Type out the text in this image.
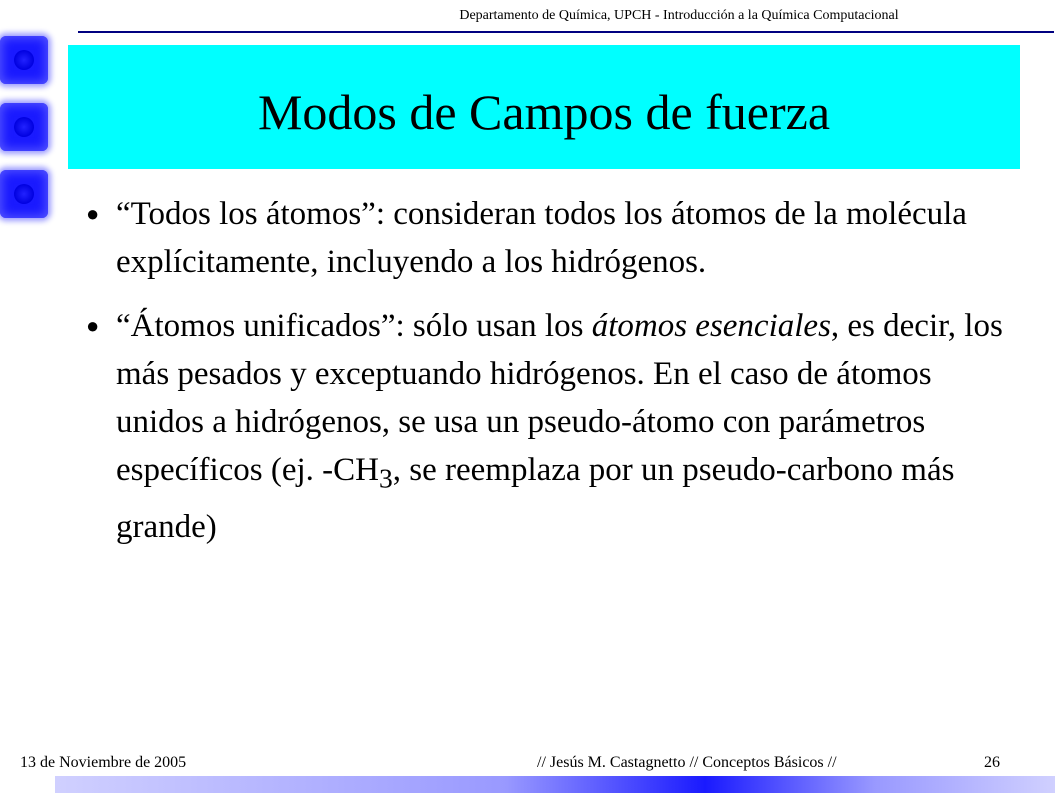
Departamento de Química, UPCH - Introducción a la Química Computacional
Modos de Campos de fuerza
● “Todos los átomos”: consideran todos los átomos de la molécula explícitamente, incluyendo a los hidrógenos.
● “Átomos unificados”: sólo usan los átomos esenciales, es decir, los más pesados y exceptuando hidrógenos. En el caso de átomos unidos a hidrógenos, se usa un pseudo-átomo con parámetros específicos (ej. $-CH_3$, se reemplaza por un pseudo-carbono más grande)
13 de Noviembre de 2005	// Jesús M. Castagnetto // Conceptos Básicos //	26
